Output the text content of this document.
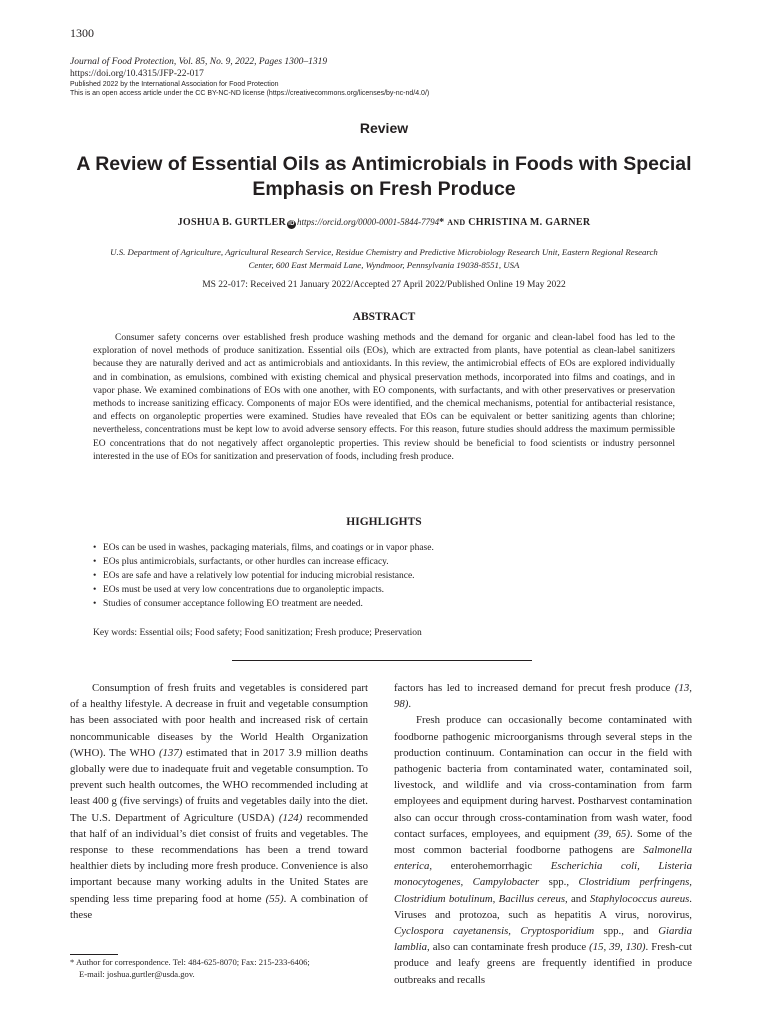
1300
Journal of Food Protection, Vol. 85, No. 9, 2022, Pages 1300–1319
https://doi.org/10.4315/JFP-22-017
Published 2022 by the International Association for Food Protection
This is an open access article under the CC BY-NC-ND license (https://creativecommons.org/licenses/by-nc-nd/4.0/)
Review
A Review of Essential Oils as Antimicrobials in Foods with Special
Emphasis on Fresh Produce
JOSHUA B. GURTLER iD https://orcid.org/0000-0001-5844-7794* AND CHRISTINA M. GARNER
U.S. Department of Agriculture, Agricultural Research Service, Residue Chemistry and Predictive Microbiology Research Unit, Eastern Regional Research
Center, 600 East Mermaid Lane, Wyndmoor, Pennsylvania 19038-8551, USA
MS 22-017: Received 21 January 2022/Accepted 27 April 2022/Published Online 19 May 2022
ABSTRACT
Consumer safety concerns over established fresh produce washing methods and the demand for organic and clean-label food has led to the exploration of novel methods of produce sanitization. Essential oils (EOs), which are extracted from plants, have potential as clean-label sanitizers because they are naturally derived and act as antimicrobials and antioxidants. In this review, the antimicrobial effects of EOs are explored individually and in combination, as emulsions, combined with existing chemical and physical preservation methods, incorporated into films and coatings, and in vapor phase. We examined combinations of EOs with one another, with EO components, with surfactants, and with other preservatives or preservation methods to increase sanitizing efficacy. Components of major EOs were identified, and the chemical mechanisms, potential for antibacterial resistance, and effects on organoleptic properties were examined. Studies have revealed that EOs can be equivalent or better sanitizing agents than chlorine; nevertheless, concentrations must be kept low to avoid adverse sensory effects. For this reason, future studies should address the maximum permissible EO concentrations that do not negatively affect organoleptic properties. This review should be beneficial to food scientists or industry personnel interested in the use of EOs for sanitization and preservation of foods, including fresh produce.
HIGHLIGHTS
• EOs can be used in washes, packaging materials, films, and coatings or in vapor phase.
• EOs plus antimicrobials, surfactants, or other hurdles can increase efficacy.
• EOs are safe and have a relatively low potential for inducing microbial resistance.
• EOs must be used at very low concentrations due to organoleptic impacts.
• Studies of consumer acceptance following EO treatment are needed.
Key words: Essential oils; Food safety; Food sanitization; Fresh produce; Preservation

Consumption of fresh fruits and vegetables is considered part of a healthy lifestyle. A decrease in fruit and vegetable consumption has been associated with poor health and increased risk of certain noncommunicable diseases by the World Health Organization (WHO). The WHO (137) estimated that in 2017 3.9 million deaths globally were due to inadequate fruit and vegetable consumption. To prevent such health outcomes, the WHO recommended including at least 400 g (five servings) of fruits and vegetables daily into the diet. The U.S. Department of Agriculture (USDA) (124) recommended that half of an individual’s diet consist of fruits and vegetables. The response to these recommendations has been a trend toward healthier diets by including more fresh produce. Convenience is also important because many working adults in the United States are spending less time preparing food at home (55). A combination of these

* Author for correspondence. Tel: 484-625-8070; Fax: 215-233-6406;

E-mail: joshua.gurtler@usda.gov.

factors has led to increased demand for precut fresh produce (13, 98).

Fresh produce can occasionally become contaminated with foodborne pathogenic microorganisms through several steps in the production continuum. Contamination can occur in the field with pathogenic bacteria from contaminated water, contaminated soil, livestock, and wildlife and via cross-contamination from farm employees and equipment during harvest. Postharvest contamination also can occur through cross-contamination from wash water, food contact surfaces, employees, and equipment (39, 65). Some of the most common bacterial foodborne pathogens are Salmonella enterica, enterohemorrhagic Escherichia coli, Listeria monocytogenes, Campylobacter spp., Clostridium perfringens, Clostridium botulinum, Bacillus cereus, and Staphylococcus aureus. Viruses and protozoa, such as hepatitis A virus, norovirus, Cyclospora cayetanensis, Cryptosporidium spp., and Giardia lamblia, also can contaminate fresh produce (15, 39, 130). Fresh-cut produce and leafy greens are frequently identified in produce outbreaks and recalls
